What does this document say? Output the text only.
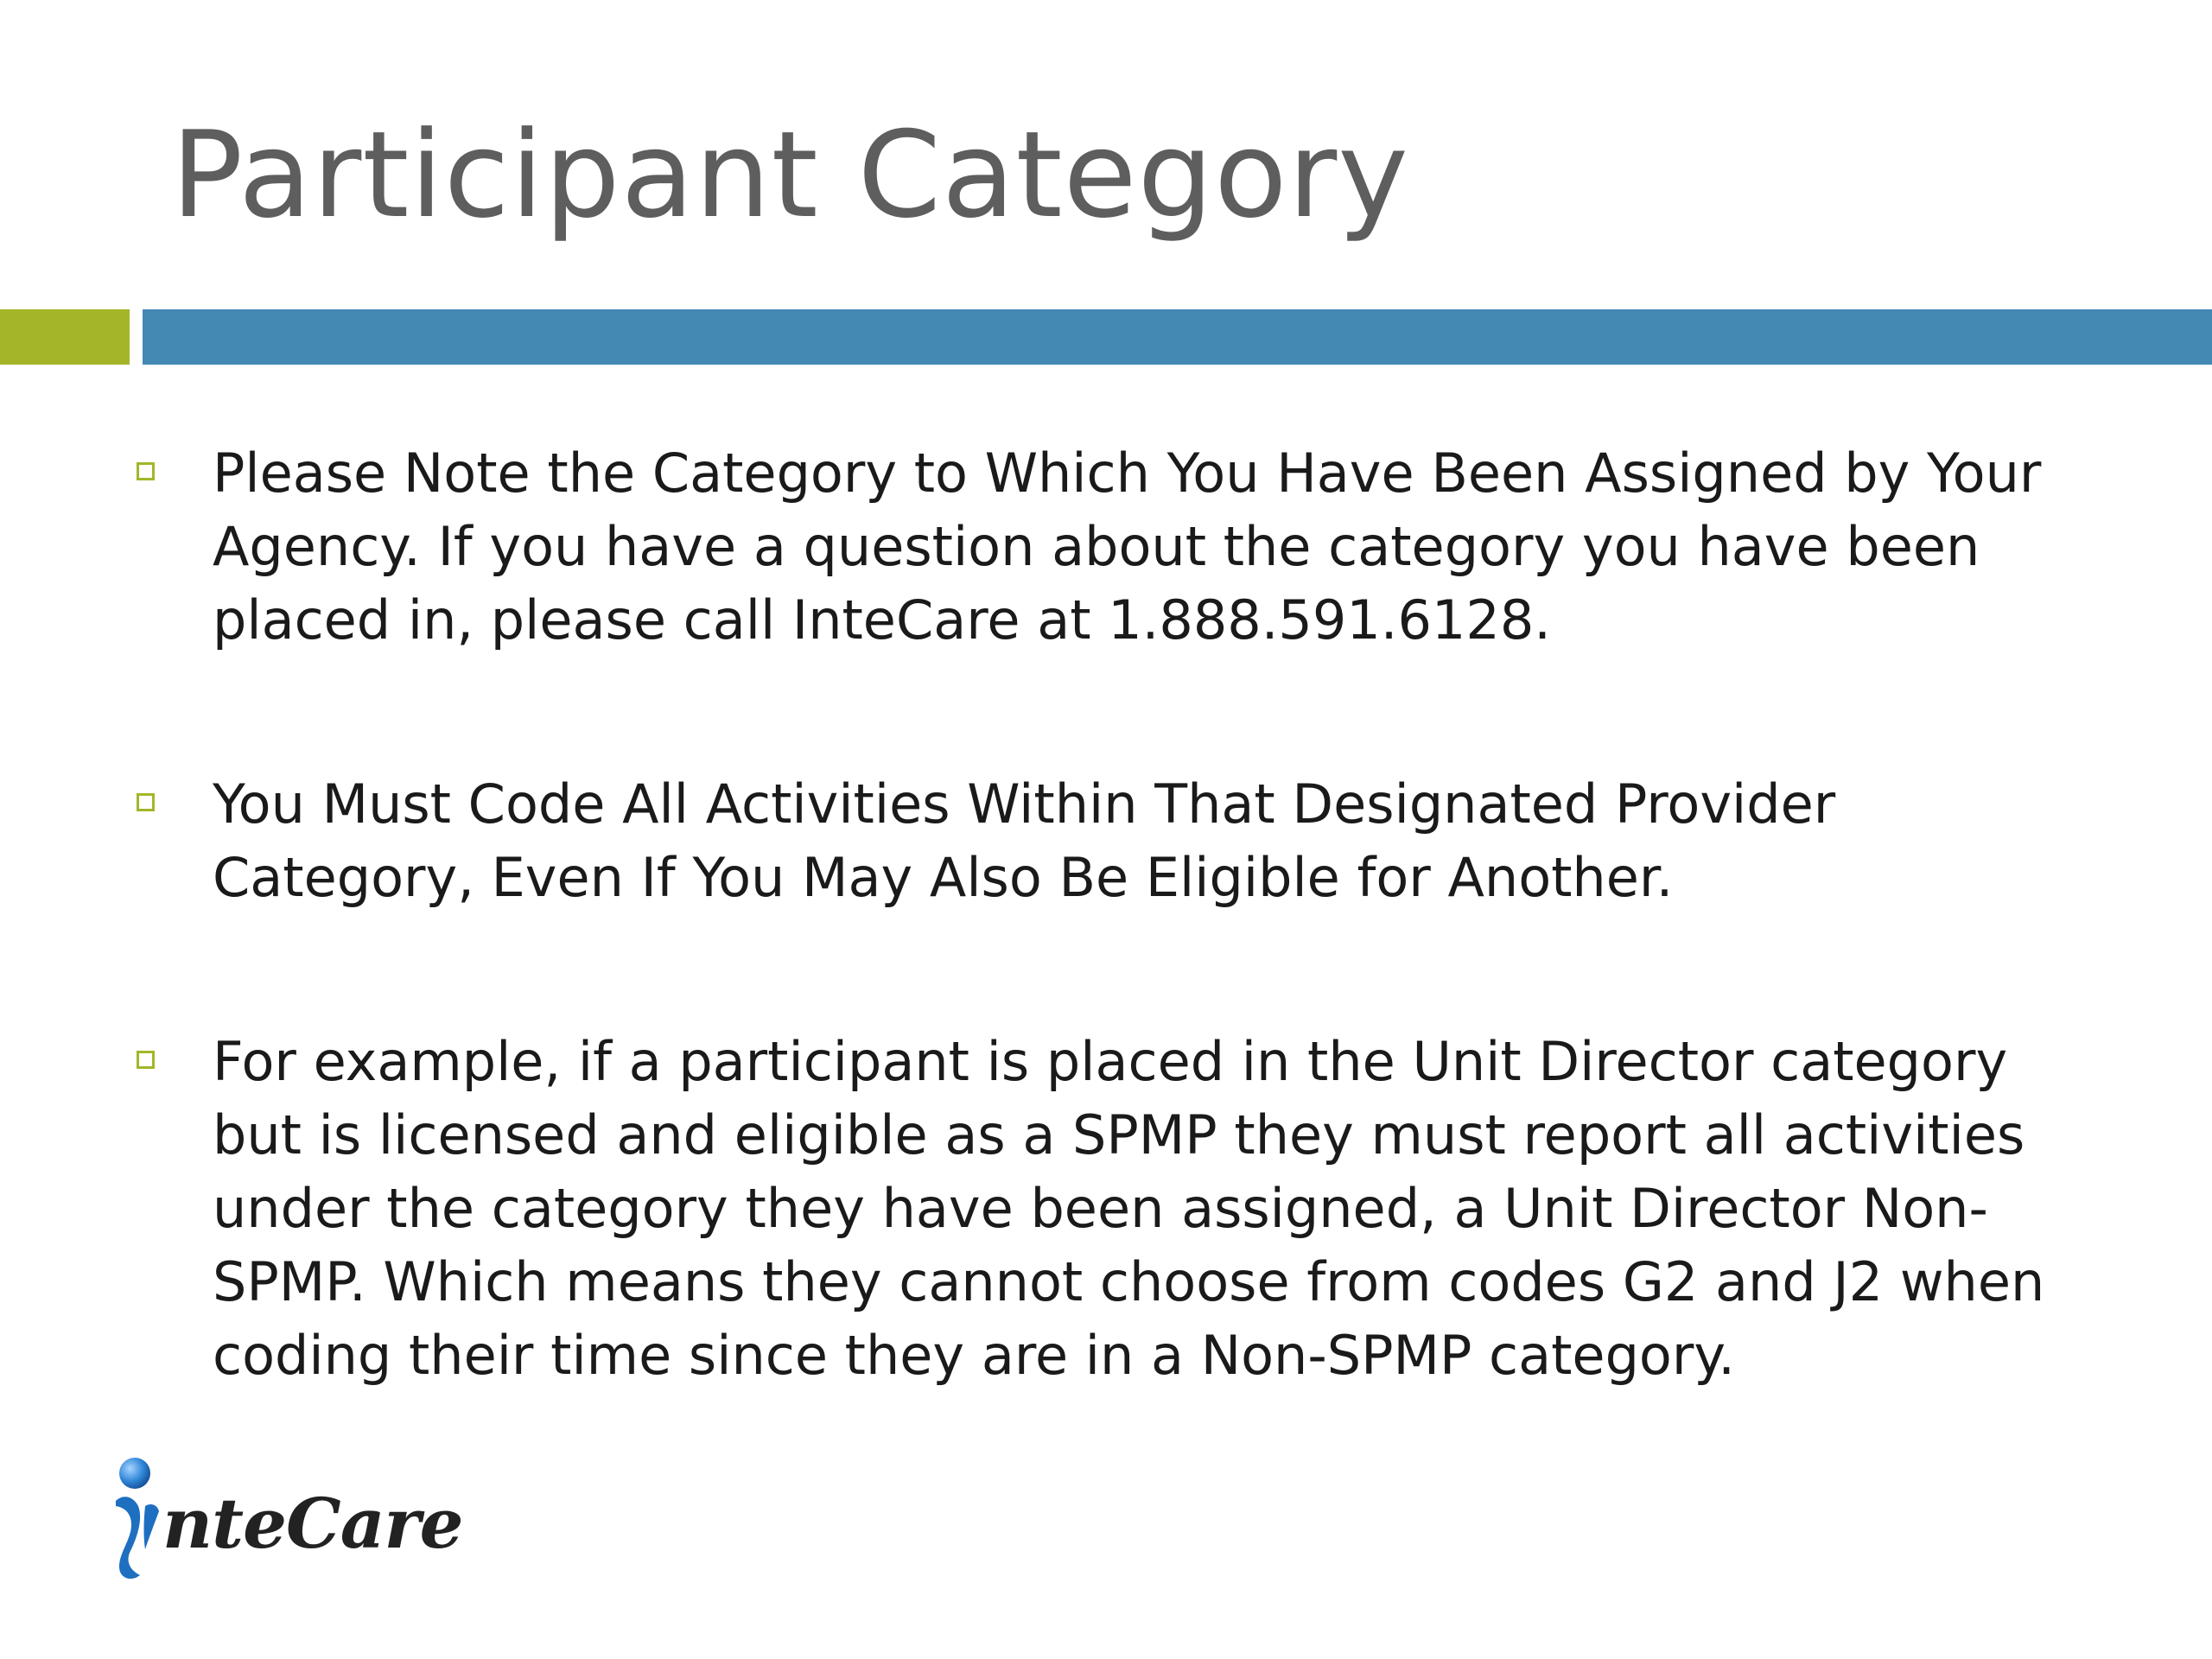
Participant Category
Please Note the Category to Which You Have Been Assigned by Your Agency. If you have a question about the category you have been placed in, please call InteCare at 1.888.591.6128.
You Must Code All Activities Within That Designated Provider Category, Even If You May Also Be Eligible for Another.
For example, if a participant is placed in the Unit Director category but is licensed and eligible as a SPMP they must report all activities under the category they have been assigned, a Unit Director Non-SPMP. Which means they cannot choose from codes G2 and J2 when coding their time since they are in a Non-SPMP category.
nteCare
